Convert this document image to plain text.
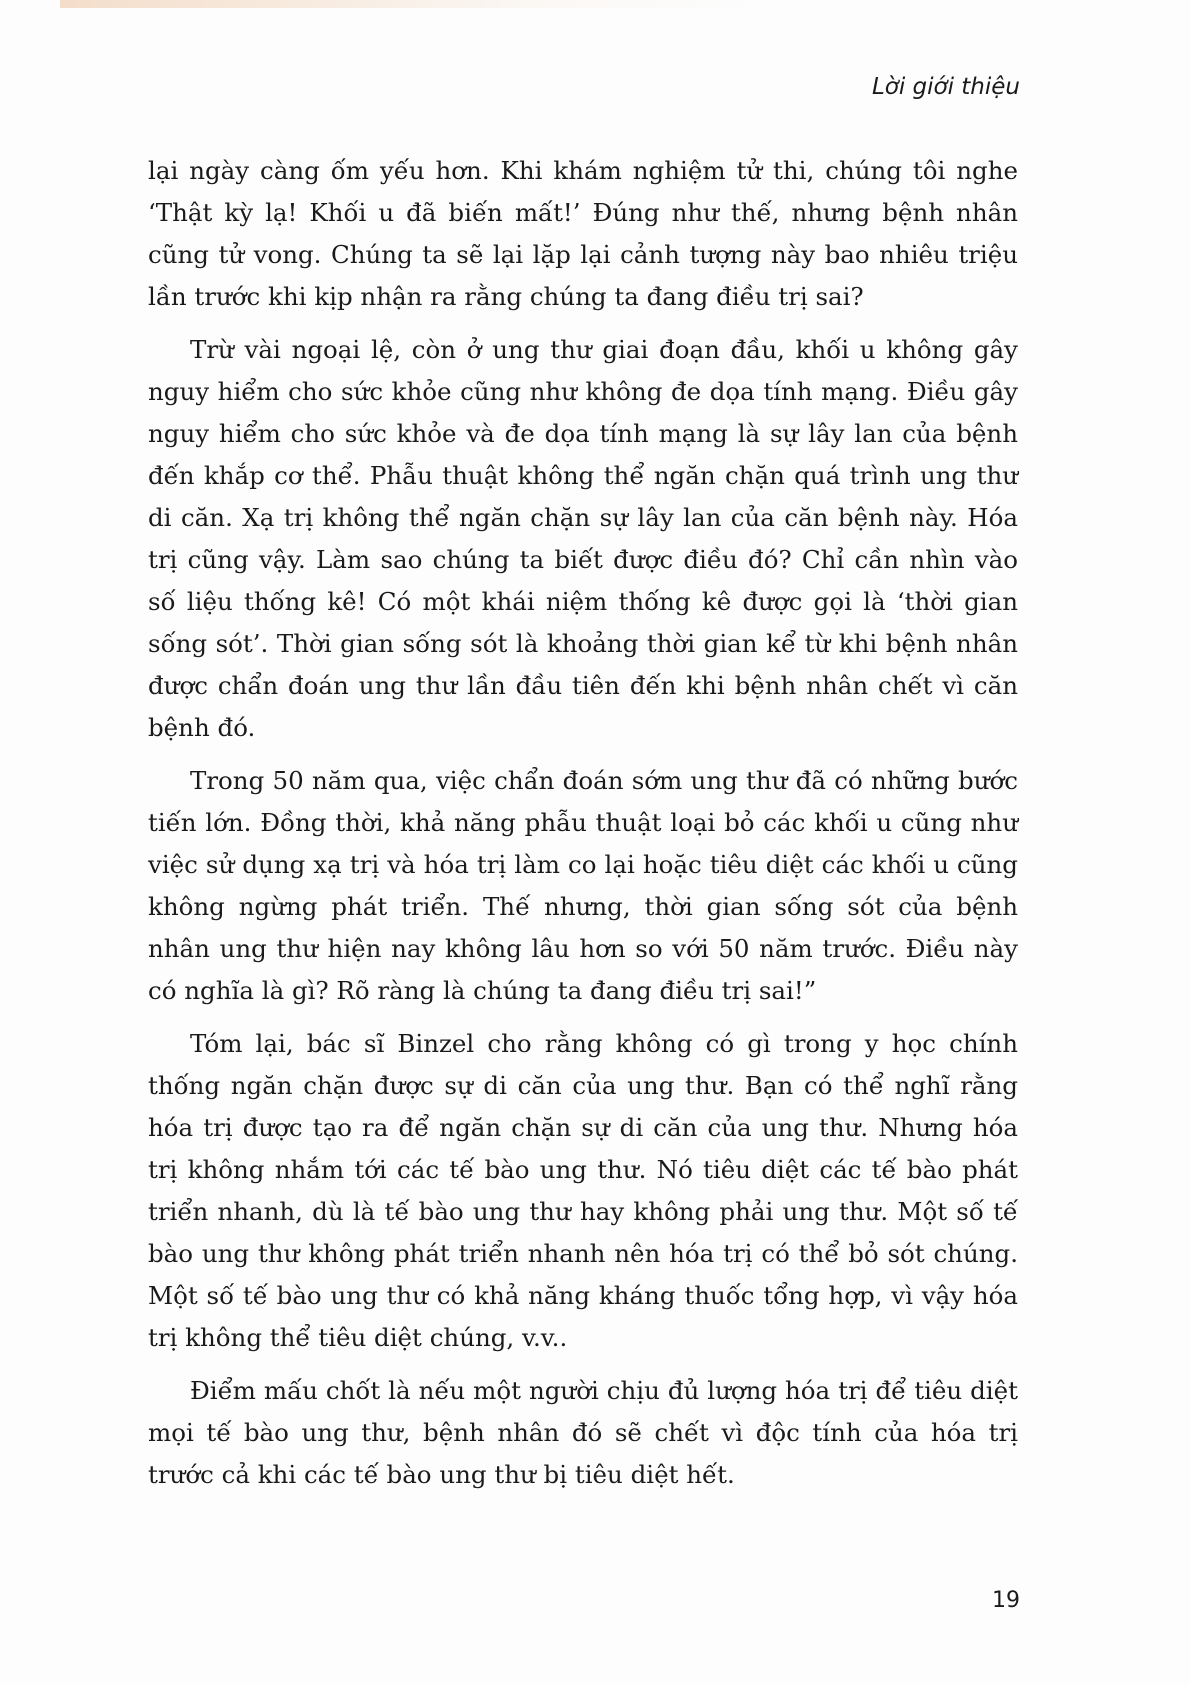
Lời giới thiệu

lại ngày càng ốm yếu hơn. Khi khám nghiệm tử thi, chúng tôi nghe ‘Thật kỳ lạ! Khối u đã biến mất!’ Đúng như thế, nhưng bệnh nhân cũng tử vong. Chúng ta sẽ lại lặp lại cảnh tượng này bao nhiêu triệu lần trước khi kịp nhận ra rằng chúng ta đang điều trị sai?

Trừ vài ngoại lệ, còn ở ung thư giai đoạn đầu, khối u không gây nguy hiểm cho sức khỏe cũng như không đe dọa tính mạng. Điều gây nguy hiểm cho sức khỏe và đe dọa tính mạng là sự lây lan của bệnh đến khắp cơ thể. Phẫu thuật không thể ngăn chặn quá trình ung thư di căn. Xạ trị không thể ngăn chặn sự lây lan của căn bệnh này. Hóa trị cũng vậy. Làm sao chúng ta biết được điều đó? Chỉ cần nhìn vào số liệu thống kê! Có một khái niệm thống kê được gọi là ‘thời gian sống sót’. Thời gian sống sót là khoảng thời gian kể từ khi bệnh nhân được chẩn đoán ung thư lần đầu tiên đến khi bệnh nhân chết vì căn bệnh đó.

Trong 50 năm qua, việc chẩn đoán sớm ung thư đã có những bước tiến lớn. Đồng thời, khả năng phẫu thuật loại bỏ các khối u cũng như việc sử dụng xạ trị và hóa trị làm co lại hoặc tiêu diệt các khối u cũng không ngừng phát triển. Thế nhưng, thời gian sống sót của bệnh nhân ung thư hiện nay không lâu hơn so với 50 năm trước. Điều này có nghĩa là gì? Rõ ràng là chúng ta đang điều trị sai!”

Tóm lại, bác sĩ Binzel cho rằng không có gì trong y học chính thống ngăn chặn được sự di căn của ung thư. Bạn có thể nghĩ rằng hóa trị được tạo ra để ngăn chặn sự di căn của ung thư. Nhưng hóa trị không nhắm tới các tế bào ung thư. Nó tiêu diệt các tế bào phát triển nhanh, dù là tế bào ung thư hay không phải ung thư. Một số tế bào ung thư không phát triển nhanh nên hóa trị có thể bỏ sót chúng. Một số tế bào ung thư có khả năng kháng thuốc tổng hợp, vì vậy hóa trị không thể tiêu diệt chúng, v.v..

Điểm mấu chốt là nếu một người chịu đủ lượng hóa trị để tiêu diệt mọi tế bào ung thư, bệnh nhân đó sẽ chết vì độc tính của hóa trị trước cả khi các tế bào ung thư bị tiêu diệt hết.

19
